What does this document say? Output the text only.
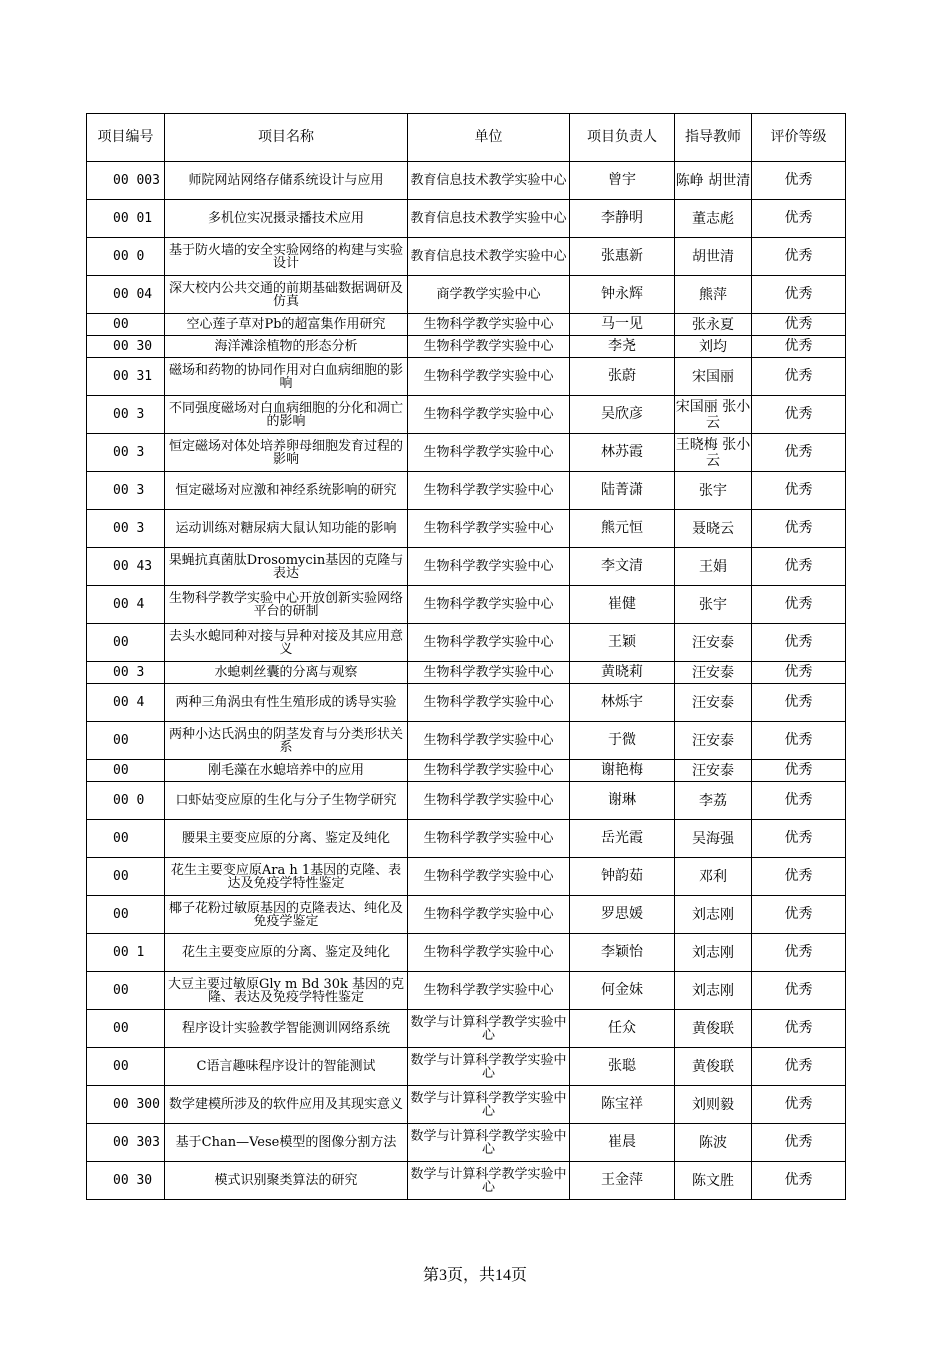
项目编号	项目名称	单位	项目负责人	指导教师	评价等级
00 003	师院网站网络存储系统设计与应用	教育信息技术教学实验中心	曾宇	陈峥 胡世清	优秀
00 01	多机位实况摄录播技术应用	教育信息技术教学实验中心	李静明	董志彪	优秀
00 0	基于防火墙的安全实验网络的构建与实验设计	教育信息技术教学实验中心	张惠新	胡世清	优秀
00 04	深大校内公共交通的前期基础数据调研及仿真	商学教学实验中心	钟永辉	熊萍	优秀
00	空心莲子草对Pb的超富集作用研究	生物科学教学实验中心	马一见	张永夏	优秀
00 30	海洋滩涂植物的形态分析	生物科学教学实验中心	李尧	刘均	优秀
00 31	磁场和药物的协同作用对白血病细胞的影响	生物科学教学实验中心	张蔚	宋国丽	优秀
00 3	不同强度磁场对白血病细胞的分化和凋亡的影响	生物科学教学实验中心	吴欣彦	宋国丽 张小云	优秀
00 3	恒定磁场对体处培养卵母细胞发育过程的影响	生物科学教学实验中心	林苏霞	王晓梅 张小云	优秀
00 3	恒定磁场对应激和神经系统影响的研究	生物科学教学实验中心	陆菁潇	张宇	优秀
00 3	运动训练对糖尿病大鼠认知功能的影响	生物科学教学实验中心	熊元恒	聂晓云	优秀
00 43	果蝇抗真菌肽Drosomycin基因的克隆与表达	生物科学教学实验中心	李文清	王娟	优秀
00 4	生物科学教学实验中心开放创新实验网络平台的研制	生物科学教学实验中心	崔健	张宇	优秀
00	去头水螅同种对接与异种对接及其应用意义	生物科学教学实验中心	王颖	汪安泰	优秀
00 3	水螅刺丝囊的分离与观察	生物科学教学实验中心	黄晓莉	汪安泰	优秀
00 4	两种三角涡虫有性生殖形成的诱导实验	生物科学教学实验中心	林烁宇	汪安泰	优秀
00	两种小达氏涡虫的阴茎发育与分类形状关系	生物科学教学实验中心	于微	汪安泰	优秀
00	刚毛藻在水螅培养中的应用	生物科学教学实验中心	谢艳梅	汪安泰	优秀
00 0	口虾姑变应原的生化与分子生物学研究	生物科学教学实验中心	谢琳	李荔	优秀
00	腰果主要变应原的分离、鉴定及纯化	生物科学教学实验中心	岳光霞	吴海强	优秀
00	花生主要变应原Ara h 1基因的克隆、表达及免疫学特性鉴定	生物科学教学实验中心	钟韵茹	邓利	优秀
00	椰子花粉过敏原基因的克隆表达、纯化及免疫学鉴定	生物科学教学实验中心	罗思媛	刘志刚	优秀
00 1	花生主要变应原的分离、鉴定及纯化	生物科学教学实验中心	李颖怡	刘志刚	优秀
00	大豆主要过敏原Gly m Bd 30k 基因的克隆、表达及免疫学特性鉴定	生物科学教学实验中心	何金妹	刘志刚	优秀
00	程序设计实验教学智能测训网络系统	数学与计算科学教学实验中心	任众	黄俊联	优秀
00	C语言趣味程序设计的智能测试	数学与计算科学教学实验中心	张聪	黄俊联	优秀
00 300	数学建模所涉及的软件应用及其现实意义	数学与计算科学教学实验中心	陈宝祥	刘则毅	优秀
00 303	基于Chan—Vese模型的图像分割方法	数学与计算科学教学实验中心	崔晨	陈波	优秀
00 30	模式识别聚类算法的研究	数学与计算科学教学实验中心	王金萍	陈文胜	优秀
第3页，共14页
